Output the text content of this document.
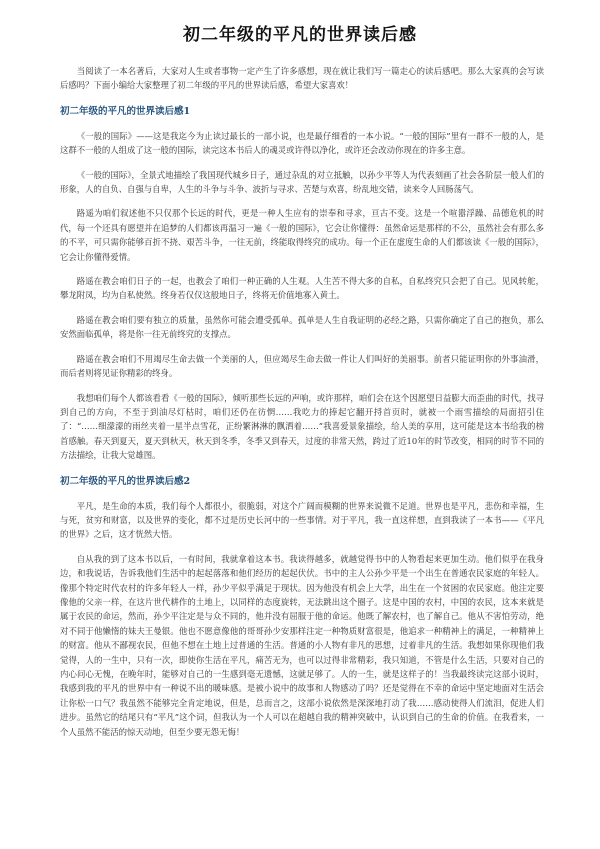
初二年级的平凡的世界读后感

当阅读了一本名著后，大家对人生或者事物一定产生了许多感想，现在就让我们写一篇走心的读后感吧。那么大家真的会写读后感吗？下面小编给大家整理了初二年级的平凡的世界读后感，希望大家喜欢！

初二年级的平凡的世界读后感1

《一般的国际》——这是我迄今为止读过最长的一部小说，也是最仔细看的一本小说。“一般的国际”里有一群不一般的人，是这群不一般的人组成了这一般的国际，读完这本书后人的魂灵或许得以净化，或许还会改动你现在的许多主意。

《一般的国际》，全景式地描绘了我国现代城乡日子，通过杂乱的对立抵触，以孙少平等人为代表刻画了社会各阶层一般人们的形象，人的自负、自强与自卑，人生的斗争与斗争、波折与寻求、苦楚与欢喜，纷乱地交错，读来令人回肠荡气。

路遥为咱们叙述他不只仅那个长远的时代，更是一种人生应有的崇奉和寻求，亘古不变。这是一个喧嚣浮躁、品德危机的时代，每一个还具有愿望并在追梦的人们都该再温习一遍《一般的国际》，它会让你懂得：虽然命运是那样的不公，虽然社会有那么多的不平，可只需你能够百折不挠、艰苦斗争，一往无前，终能取得终究的成功。每一个正在虚度生命的人们都该读《一般的国际》，它会让你懂得爱情。

路遥在教会咱们日子的一起，也教会了咱们一种正确的人生观。人生苦不得大多的自私，自私终究只会把了自己。见风转舵，攀龙附凤，均为自私使然。终身若仅仅这般地日子，终将无价值地寡入黄土。

路遥在教会咱们要有独立的质量，虽然你可能会遭受孤单。孤单是人生自我证明的必经之路，只需你确定了自己的抱负，那么安然面临孤单，将是你一往无前终究的支撑点。

路遥在教会咱们不用竭尽生命去做一个美丽的人，但应竭尽生命去做一件让人们叫好的美丽事。前者只能证明你的外事油滑，而后者则将见证你精彩的终身。

我想咱们每个人都该看看《一般的国际》，倾听那些长远的声响，或许那样，咱们会在这个因愿望日益膨大而歪曲的时代，找寻到自己的方向，不至于到油尽灯枯时，咱们还仍在彷惘……我吃力的捧起它翻开捋首页时，就被一个雨雪描绘的局面招引住了：“……细濛濛的雨丝夹着一星半点雪花，正纷繁淋淋的飘洒着……”我喜爱景象描绘，给人美的享用，这可能是这本书给我的榜首感触。春天到夏天，夏天到秋天，秋天到冬季，冬季又到春天，过度的非常天然，跨过了近10年的时节改变，相同的时节不同的方法描绘，让我大觉雄图。

初二年级的平凡的世界读后感2

平凡，是生命的本质，我们每个人都很小，很脆弱，对这个广阔而模糊的世界来说微不足道。世界也是平凡，悲伤和幸福，生与死，贫穷和财富，以及世界的变化，都不过是历史长河中的一些事情。对于平凡，我一直这样想，直到我读了一本书——《平凡的世界》之后，这才恍然大悟。

自从我的到了这本书以后，一有时间，我就拿着这本书。我读得越多，就越觉得书中的人物看起来更加生动。他们似乎在我身边，和我说话，告诉我他们生活中的起起落落和他们经历的起起伏伏。书中的主人公孙少平是一个出生在普通农民家庭的年轻人。像那个特定时代农村的许多年轻人一样，孙少平似乎满足于现状。因为他没有机会上大学，出生在一个贫困的农民家庭。他注定要像他的父亲一样，在这片世代耕作的土地上，以同样的态度旋转，无法跳出这个圈子。这是中国的农村，中国的农民，这本来就是属于农民的命运，然而，孙少平注定是与众不同的，他并没有屈服于他的命运。他既了解农村，也了解自己。他从不害怕劳动，绝对不同于他懒惰的妹夫王曼银。他也不愿意像他的哥哥孙少安那样注定一种物质财富很是，他追求一种精神上的满足，一种精神上的财富。他从不鄙视农民，但他不想在土地上过普通的生活。普通的小人物有非凡的思想，过着非凡的生活。我想如果你现他们我觉得，人的一生中，只有一次，即使你生活在平凡，痛苦无为，也可以过得非常精彩，我只知道，不管是什么生活，只要对自己的内心问心无愧，在晚年时，能够对自己的一生感到毫无遗憾，这就足够了。人的一生，就是这样子的！当我最终读完这部小说时，我感到我的平凡的世界中有一种说不出的暖味感。是被小说中的故事和人物感动了吗？还是觉得在不幸的命运中坚定地面对生活会让你松一口气？我虽然不能够完全肯定地说，但是，总而言之，这部小说依然是深深地打动了我……感动使得人们流泪，促进人们进步。虽然它的结尾只有“平凡”这个词，但我认为一个人可以在超越自我的精神突破中，认识到自己的生命的价值。在我看来，一个人虽然不能活的惊天动地，但至少要无怨无悔！
